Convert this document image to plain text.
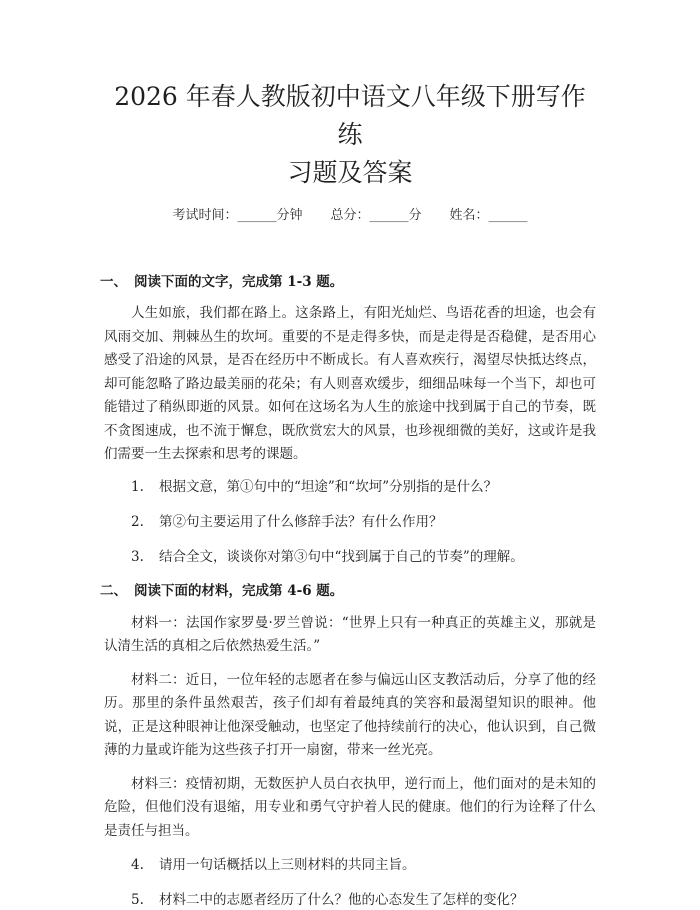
2026 年春人教版初中语文八年级下册写作练
习题及答案
考试时间：______分钟 总分：______分 姓名：______

一、 阅读下面的文字，完成第 1-3 题。

人生如旅，我们都在路上。这条路上，有阳光灿烂、鸟语花香的坦途，也会有风雨交加、荆棘丛生的坎坷。重要的不是走得多快，而是走得是否稳健，是否用心感受了沿途的风景，是否在经历中不断成长。有人喜欢疾行，渴望尽快抵达终点，却可能忽略了路边最美丽的花朵；有人则喜欢缓步，细细品味每一个当下，却也可能错过了稍纵即逝的风景。如何在这场名为人生的旅途中找到属于自己的节奏，既不贪图速成，也不流于懈怠，既欣赏宏大的风景，也珍视细微的美好，这或许是我们需要一生去探索和思考的课题。

1. 根据文意，第①句中的“坦途”和“坎坷”分别指的是什么？

2. 第②句主要运用了什么修辞手法？有什么作用？

3. 结合全文，谈谈你对第③句中“找到属于自己的节奏”的理解。

二、 阅读下面的材料，完成第 4-6 题。

材料一：法国作家罗曼·罗兰曾说：“世界上只有一种真正的英雄主义，那就是认清生活的真相之后依然热爱生活。”

材料二：近日，一位年轻的志愿者在参与偏远山区支教活动后，分享了他的经历。那里的条件虽然艰苦，孩子们却有着最纯真的笑容和最渴望知识的眼神。他说，正是这种眼神让他深受触动，也坚定了他持续前行的决心，他认识到，自己微薄的力量或许能为这些孩子打开一扇窗，带来一丝光亮。

材料三：疫情初期，无数医护人员白衣执甲，逆行而上，他们面对的是未知的危险，但他们没有退缩，用专业和勇气守护着人民的健康。他们的行为诠释了什么是责任与担当。

4. 请用一句话概括以上三则材料的共同主旨。

5. 材料二中的志愿者经历了什么？他的心态发生了怎样的变化？
